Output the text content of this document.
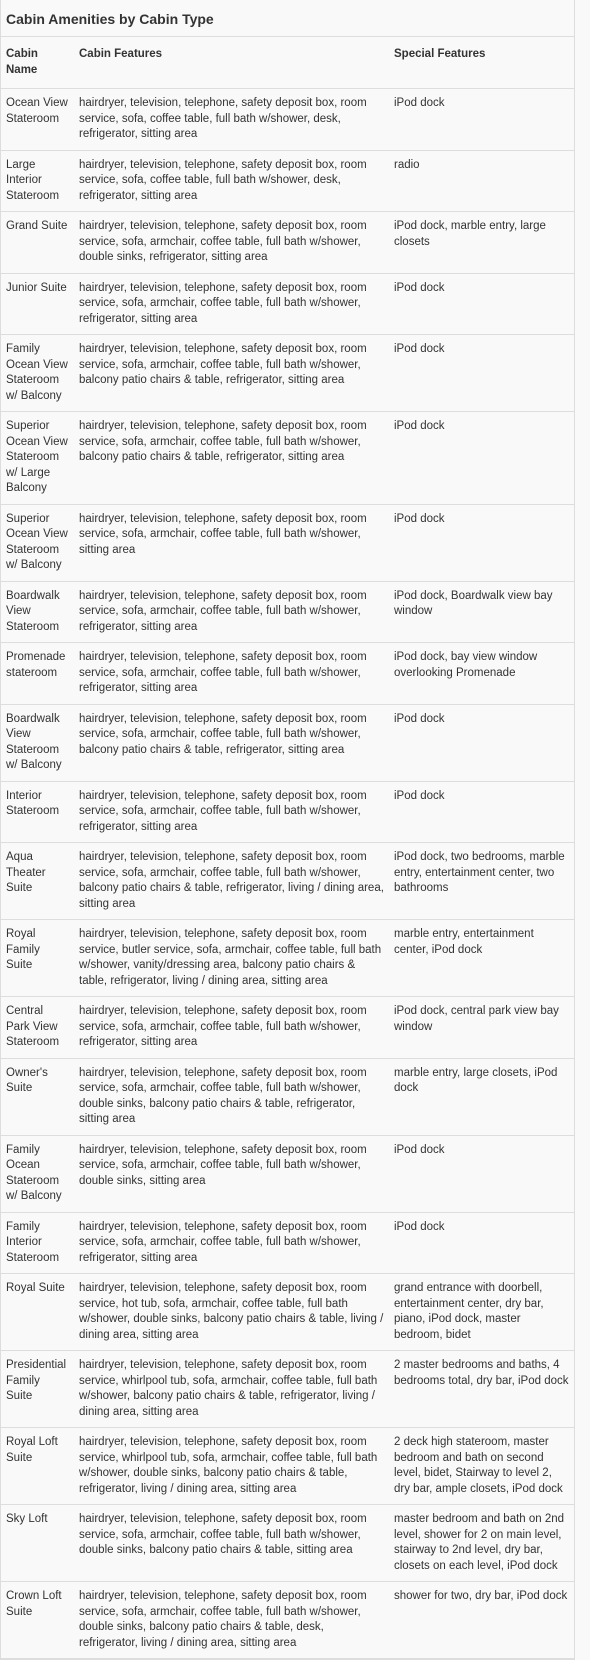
Cabin Amenities by Cabin Type
Cabin Name	Cabin Features	Special Features
Ocean View Stateroom	hairdryer, television, telephone, safety deposit box, room service, sofa, coffee table, full bath w/shower, desk, refrigerator, sitting area	iPod dock
Large Interior Stateroom	hairdryer, television, telephone, safety deposit box, room service, sofa, coffee table, full bath w/shower, desk, refrigerator, sitting area	radio
Grand Suite	hairdryer, television, telephone, safety deposit box, room service, sofa, armchair, coffee table, full bath w/shower, double sinks, refrigerator, sitting area	iPod dock, marble entry, large closets
Junior Suite	hairdryer, television, telephone, safety deposit box, room service, sofa, armchair, coffee table, full bath w/shower, refrigerator, sitting area	iPod dock
Family Ocean View Stateroom w/ Balcony	hairdryer, television, telephone, safety deposit box, room service, sofa, armchair, coffee table, full bath w/shower, balcony patio chairs & table, refrigerator, sitting area	iPod dock
Superior Ocean View Stateroom w/ Large Balcony	hairdryer, television, telephone, safety deposit box, room service, sofa, armchair, coffee table, full bath w/shower, balcony patio chairs & table, refrigerator, sitting area	iPod dock
Superior Ocean View Stateroom w/ Balcony	hairdryer, television, telephone, safety deposit box, room service, sofa, armchair, coffee table, full bath w/shower, sitting area	iPod dock
Boardwalk View Stateroom	hairdryer, television, telephone, safety deposit box, room service, sofa, armchair, coffee table, full bath w/shower, refrigerator, sitting area	iPod dock, Boardwalk view bay window
Promenade stateroom	hairdryer, television, telephone, safety deposit box, room service, sofa, armchair, coffee table, full bath w/shower, refrigerator, sitting area	iPod dock, bay view window overlooking Promenade
Boardwalk View Stateroom w/ Balcony	hairdryer, television, telephone, safety deposit box, room service, sofa, armchair, coffee table, full bath w/shower, balcony patio chairs & table, refrigerator, sitting area	iPod dock
Interior Stateroom	hairdryer, television, telephone, safety deposit box, room service, sofa, armchair, coffee table, full bath w/shower, refrigerator, sitting area	iPod dock
Aqua Theater Suite	hairdryer, television, telephone, safety deposit box, room service, sofa, armchair, coffee table, full bath w/shower, balcony patio chairs & table, refrigerator, living / dining area, sitting area	iPod dock, two bedrooms, marble entry, entertainment center, two bathrooms
Royal Family Suite	hairdryer, television, telephone, safety deposit box, room service, butler service, sofa, armchair, coffee table, full bath w/shower, vanity/dressing area, balcony patio chairs & table, refrigerator, living / dining area, sitting area	marble entry, entertainment center, iPod dock
Central Park View Stateroom	hairdryer, television, telephone, safety deposit box, room service, sofa, armchair, coffee table, full bath w/shower, refrigerator, sitting area	iPod dock, central park view bay window
Owner's Suite	hairdryer, television, telephone, safety deposit box, room service, sofa, armchair, coffee table, full bath w/shower, double sinks, balcony patio chairs & table, refrigerator, sitting area	marble entry, large closets, iPod dock
Family Ocean Stateroom w/ Balcony	hairdryer, television, telephone, safety deposit box, room service, sofa, armchair, coffee table, full bath w/shower, double sinks, sitting area	iPod dock
Family Interior Stateroom	hairdryer, television, telephone, safety deposit box, room service, sofa, armchair, coffee table, full bath w/shower, refrigerator, sitting area	iPod dock
Royal Suite	hairdryer, television, telephone, safety deposit box, room service, hot tub, sofa, armchair, coffee table, full bath w/shower, double sinks, balcony patio chairs & table, living / dining area, sitting area	grand entrance with doorbell, entertainment center, dry bar, piano, iPod dock, master bedroom, bidet
Presidential Family Suite	hairdryer, television, telephone, safety deposit box, room service, whirlpool tub, sofa, armchair, coffee table, full bath w/shower, balcony patio chairs & table, refrigerator, living / dining area, sitting area	2 master bedrooms and baths, 4 bedrooms total, dry bar, iPod dock
Royal Loft Suite	hairdryer, television, telephone, safety deposit box, room service, whirlpool tub, sofa, armchair, coffee table, full bath w/shower, double sinks, balcony patio chairs & table, refrigerator, living / dining area, sitting area	2 deck high stateroom, master bedroom and bath on second level, bidet, Stairway to level 2, dry bar, ample closets, iPod dock
Sky Loft	hairdryer, television, telephone, safety deposit box, room service, sofa, armchair, coffee table, full bath w/shower, double sinks, balcony patio chairs & table, sitting area	master bedroom and bath on 2nd level, shower for 2 on main level, stairway to 2nd level, dry bar, closets on each level, iPod dock
Crown Loft Suite	hairdryer, television, telephone, safety deposit box, room service, sofa, armchair, coffee table, full bath w/shower, double sinks, balcony patio chairs & table, desk, refrigerator, living / dining area, sitting area	shower for two, dry bar, iPod dock
